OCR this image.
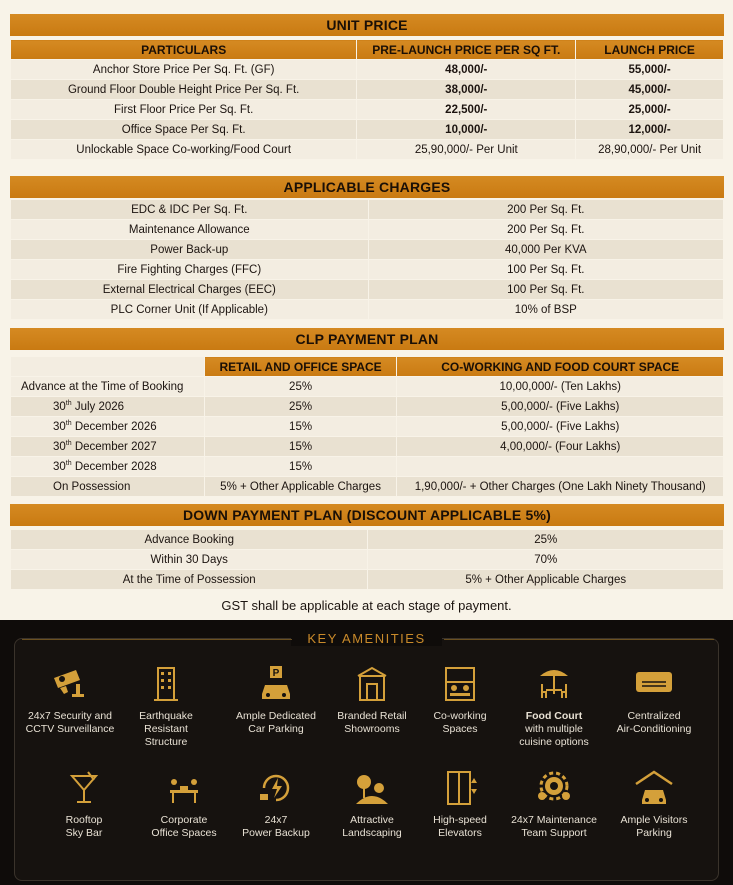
UNIT PRICE
PARTICULARS	PRE-LAUNCH PRICE PER SQ FT.	LAUNCH PRICE
Anchor Store Price Per Sq. Ft. (GF)	48,000/-	55,000/-
Ground Floor Double Height Price Per Sq. Ft.	38,000/-	45,000/-
First Floor Price Per Sq. Ft.	22,500/-	25,000/-
Office Space Per Sq. Ft.	10,000/-	12,000/-
Unlockable Space Co-working/Food Court	25,90,000/- Per Unit	28,90,000/- Per Unit
APPLICABLE CHARGES
EDC & IDC Per Sq. Ft.	200 Per Sq. Ft.
Maintenance Allowance	200 Per Sq. Ft.
Power Back-up	40,000 Per KVA
Fire Fighting Charges (FFC)	100 Per Sq. Ft.
External Electrical Charges (EEC)	100 Per Sq. Ft.
PLC Corner Unit (If Applicable)	10% of BSP
CLP PAYMENT PLAN
	RETAIL AND OFFICE SPACE	CO-WORKING AND FOOD COURT SPACE
Advance at the Time of Booking	25%	10,00,000/- (Ten Lakhs)
30th July 2026	25%	5,00,000/- (Five Lakhs)
30th December 2026	15%	5,00,000/- (Five Lakhs)
30th December 2027	15%	4,00,000/- (Four Lakhs)
30th December 2028	15%	
On Possession	5% + Other Applicable Charges	1,90,000/- + Other Charges (One Lakh Ninety Thousand)
DOWN PAYMENT PLAN (DISCOUNT APPLICABLE 5%)
Advance Booking	25%
Within 30 Days	70%
At the Time of Possession	5% + Other Applicable Charges
GST shall be applicable at each stage of payment.
KEY AMENITIES
24x7 Security and
CCTV Surveillance
Earthquake
Resistant
Structure
P
Ample Dedicated
Car Parking
Branded Retail
Showrooms
Co-working
Spaces
Food Court
with multiple
cuisine options
Centralized
Air-Conditioning
Rooftop
Sky Bar
Corporate
Office Spaces
24x7
Power Backup
Attractive
Landscaping
High-speed
Elevators
24x7 Maintenance
Team Support
Ample Visitors
Parking
